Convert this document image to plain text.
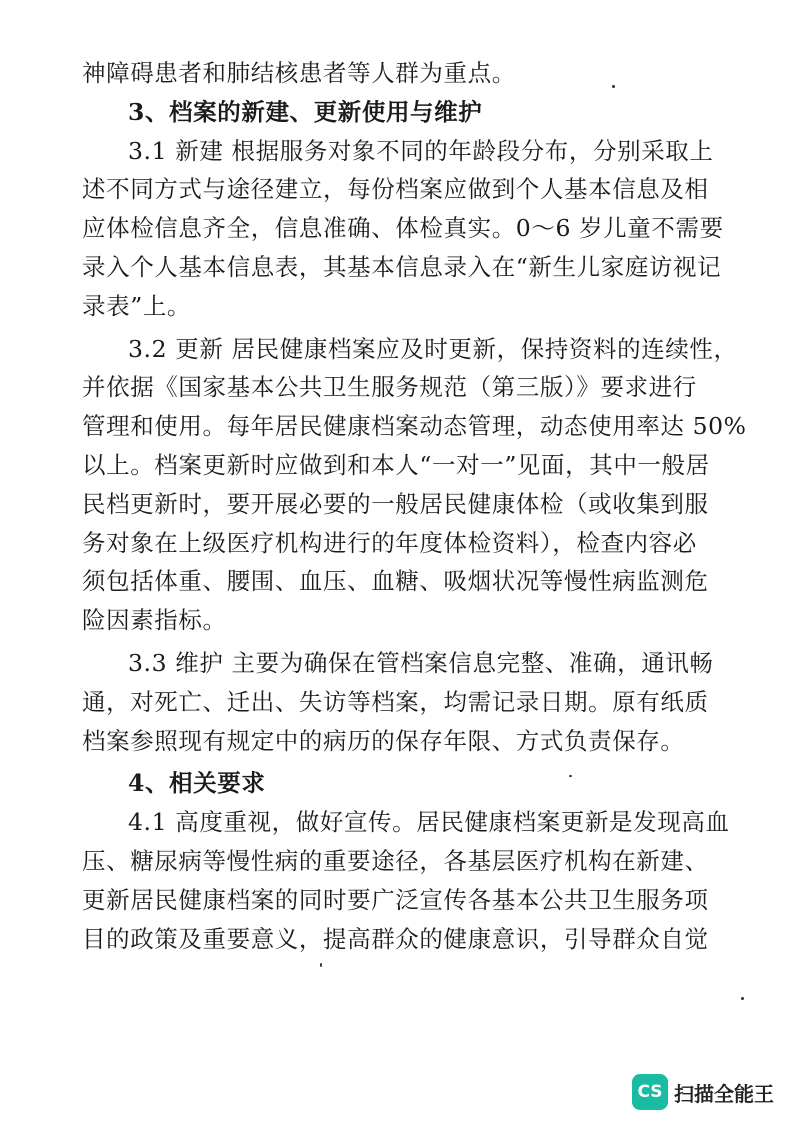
神障碍患者和肺结核患者等人群为重点。
3、档案的新建、更新使用与维护
3.1 新建 根据服务对象不同的年龄段分布，分别采取上
述不同方式与途径建立，每份档案应做到个人基本信息及相
应体检信息齐全，信息准确、体检真实。0～6 岁儿童不需要
录入个人基本信息表，其基本信息录入在“新生儿家庭访视记
录表”上。
3.2 更新 居民健康档案应及时更新，保持资料的连续性，
并依据《国家基本公共卫生服务规范（第三版）》要求进行
管理和使用。每年居民健康档案动态管理，动态使用率达 50%
以上。档案更新时应做到和本人“一对一”见面，其中一般居
民档更新时，要开展必要的一般居民健康体检（或收集到服
务对象在上级医疗机构进行的年度体检资料），检查内容必
须包括体重、腰围、血压、血糖、吸烟状况等慢性病监测危
险因素指标。
3.3 维护 主要为确保在管档案信息完整、准确，通讯畅
通，对死亡、迁出、失访等档案，均需记录日期。原有纸质
档案参照现有规定中的病历的保存年限、方式负责保存。
4、相关要求
4.1 高度重视，做好宣传。居民健康档案更新是发现高血
压、糖尿病等慢性病的重要途径，各基层医疗机构在新建、
更新居民健康档案的同时要广泛宣传各基本公共卫生服务项
目的政策及重要意义，提高群众的健康意识，引导群众自觉
CS 扫描全能王
